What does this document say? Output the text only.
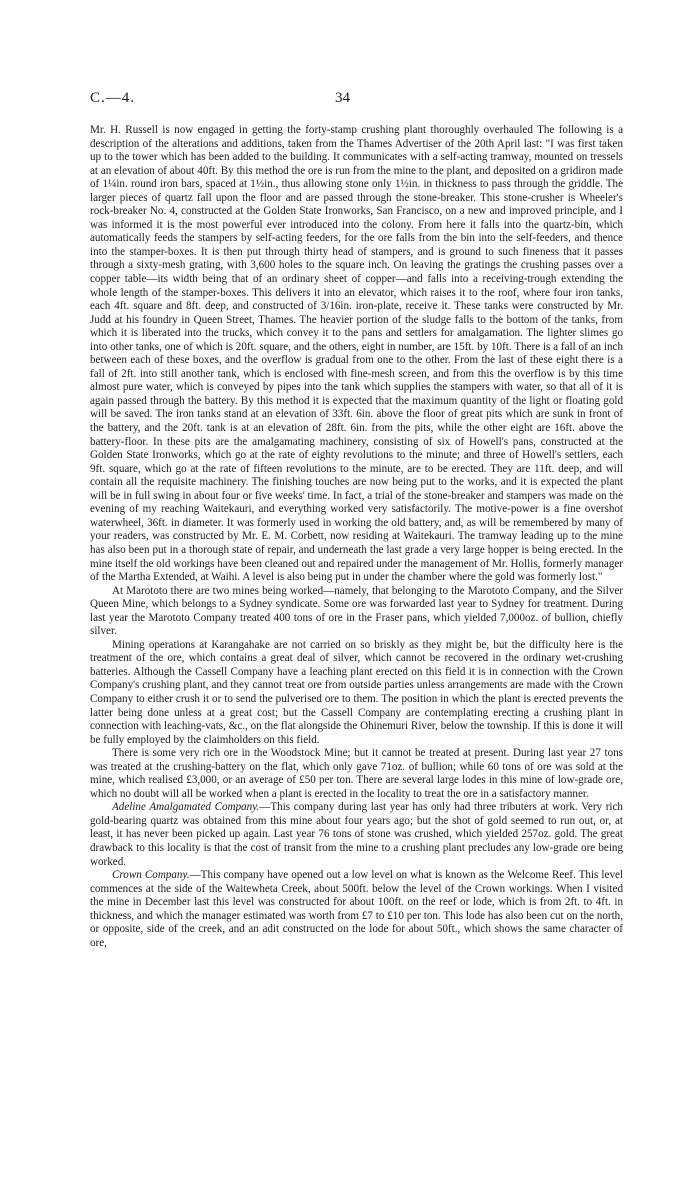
C.—4.	34

Mr. H. Russell is now engaged in getting the forty-stamp crushing plant thoroughly overhauled The following is a description of the alterations and additions, taken from the Thames Advertiser of the 20th April last: "I was first taken up to the tower which has been added to the building. It communicates with a self-acting tramway, mounted on tressels at an elevation of about 40ft. By this method the ore is run from the mine to the plant, and deposited on a gridiron made of 1¼in. round iron bars, spaced at 1½in., thus allowing stone only 1½in. in thickness to pass through the griddle. The larger pieces of quartz fall upon the floor and are passed through the stone-breaker. This stone-crusher is Wheeler's rock-breaker No. 4, constructed at the Golden State Ironworks, San Francisco, on a new and improved principle, and I was informed it is the most powerful ever introduced into the colony. From here it falls into the quartz-bin, which automatically feeds the stampers by self-acting feeders, for the ore falls from the bin into the self-feeders, and thence into the stamper-boxes. It is then put through thirty head of stampers, and is ground to such fineness that it passes through a sixty-mesh grating, with 3,600 holes to the square inch. On leaving the gratings the crushing passes over a copper table—its width being that of an ordinary sheet of copper—and falls into a receiving-trough extending the whole length of the stamper-boxes. This delivers it into an elevator, which raises it to the roof, where four iron tanks, each 4ft. square and 8ft. deep, and constructed of 3/16in. iron-plate, receive it. These tanks were constructed by Mr. Judd at his foundry in Queen Street, Thames. The heavier portion of the sludge falls to the bottom of the tanks, from which it is liberated into the trucks, which convey it to the pans and settlers for amalgamation. The lighter slimes go into other tanks, one of which is 20ft. square, and the others, eight in number, are 15ft. by 10ft. There is a fall of an inch between each of these boxes, and the overflow is gradual from one to the other. From the last of these eight there is a fall of 2ft. into still another tank, which is enclosed with fine-mesh screen, and from this the overflow is by this time almost pure water, which is conveyed by pipes into the tank which supplies the stampers with water, so that all of it is again passed through the battery. By this method it is expected that the maximum quantity of the light or floating gold will be saved. The iron tanks stand at an elevation of 33ft. 6in. above the floor of great pits which are sunk in front of the battery, and the 20ft. tank is at an elevation of 28ft. 6in. from the pits, while the other eight are 16ft. above the battery-floor. In these pits are the amalgamating machinery, consisting of six of Howell's pans, constructed at the Golden State Ironworks, which go at the rate of eighty revolutions to the minute; and three of Howell's settlers, each 9ft. square, which go at the rate of fifteen revolutions to the minute, are to be erected. They are 11ft. deep, and will contain all the requisite machinery. The finishing touches are now being put to the works, and it is expected the plant will be in full swing in about four or five weeks' time. In fact, a trial of the stone-breaker and stampers was made on the evening of my reaching Waitekauri, and everything worked very satisfactorily. The motive-power is a fine overshot waterwheel, 36ft. in diameter. It was formerly used in working the old battery, and, as will be remembered by many of your readers, was constructed by Mr. E. M. Corbett, now residing at Waitekauri. The tramway leading up to the mine has also been put in a thorough state of repair, and underneath the last grade a very large hopper is being erected. In the mine itself the old workings have been cleaned out and repaired under the management of Mr. Hollis, formerly manager of the Martha Extended, at Waihi. A level is also being put in under the chamber where the gold was formerly lost."

At Marototo there are two mines being worked—namely, that belonging to the Marototo Company, and the Silver Queen Mine, which belongs to a Sydney syndicate. Some ore was forwarded last year to Sydney for treatment. During last year the Marototo Company treated 400 tons of ore in the Fraser pans, which yielded 7,000oz. of bullion, chiefly silver.

Mining operations at Karangahake are not carried on so briskly as they might be, but the difficulty here is the treatment of the ore, which contains a great deal of silver, which cannot be recovered in the ordinary wet-crushing batteries. Although the Cassell Company have a leaching plant erected on this field it is in connection with the Crown Company's crushing plant, and they cannot treat ore from outside parties unless arrangements are made with the Crown Company to either crush it or to send the pulverised ore to them. The position in which the plant is erected prevents the latter being done unless at a great cost; but the Cassell Company are contemplating erecting a crushing plant in connection with leaching-vats, &c., on the flat alongside the Ohinemuri River, below the township. If this is done it will be fully employed by the claimholders on this field.

There is some very rich ore in the Woodstock Mine; but it cannot be treated at present. During last year 27 tons was treated at the crushing-battery on the flat, which only gave 71oz. of bullion; while 60 tons of ore was sold at the mine, which realised £3,000, or an average of £50 per ton. There are several large lodes in this mine of low-grade ore, which no doubt will all be worked when a plant is erected in the locality to treat the ore in a satisfactory manner.

Adeline Amalgamated Company.—This company during last year has only had three tributers at work. Very rich gold-bearing quartz was obtained from this mine about four years ago; but the shot of gold seemed to run out, or, at least, it has never been picked up again. Last year 76 tons of stone was crushed, which yielded 257oz. gold. The great drawback to this locality is that the cost of transit from the mine to a crushing plant precludes any low-grade ore being worked.

Crown Company.—This company have opened out a low level on what is known as the Welcome Reef. This level commences at the side of the Waitewheta Creek, about 500ft. below the level of the Crown workings. When I visited the mine in December last this level was constructed for about 100ft. on the reef or lode, which is from 2ft. to 4ft. in thickness, and which the manager estimated was worth from £7 to £10 per ton. This lode has also been cut on the north, or opposite, side of the creek, and an adit constructed on the lode for about 50ft., which shows the same character of ore,
